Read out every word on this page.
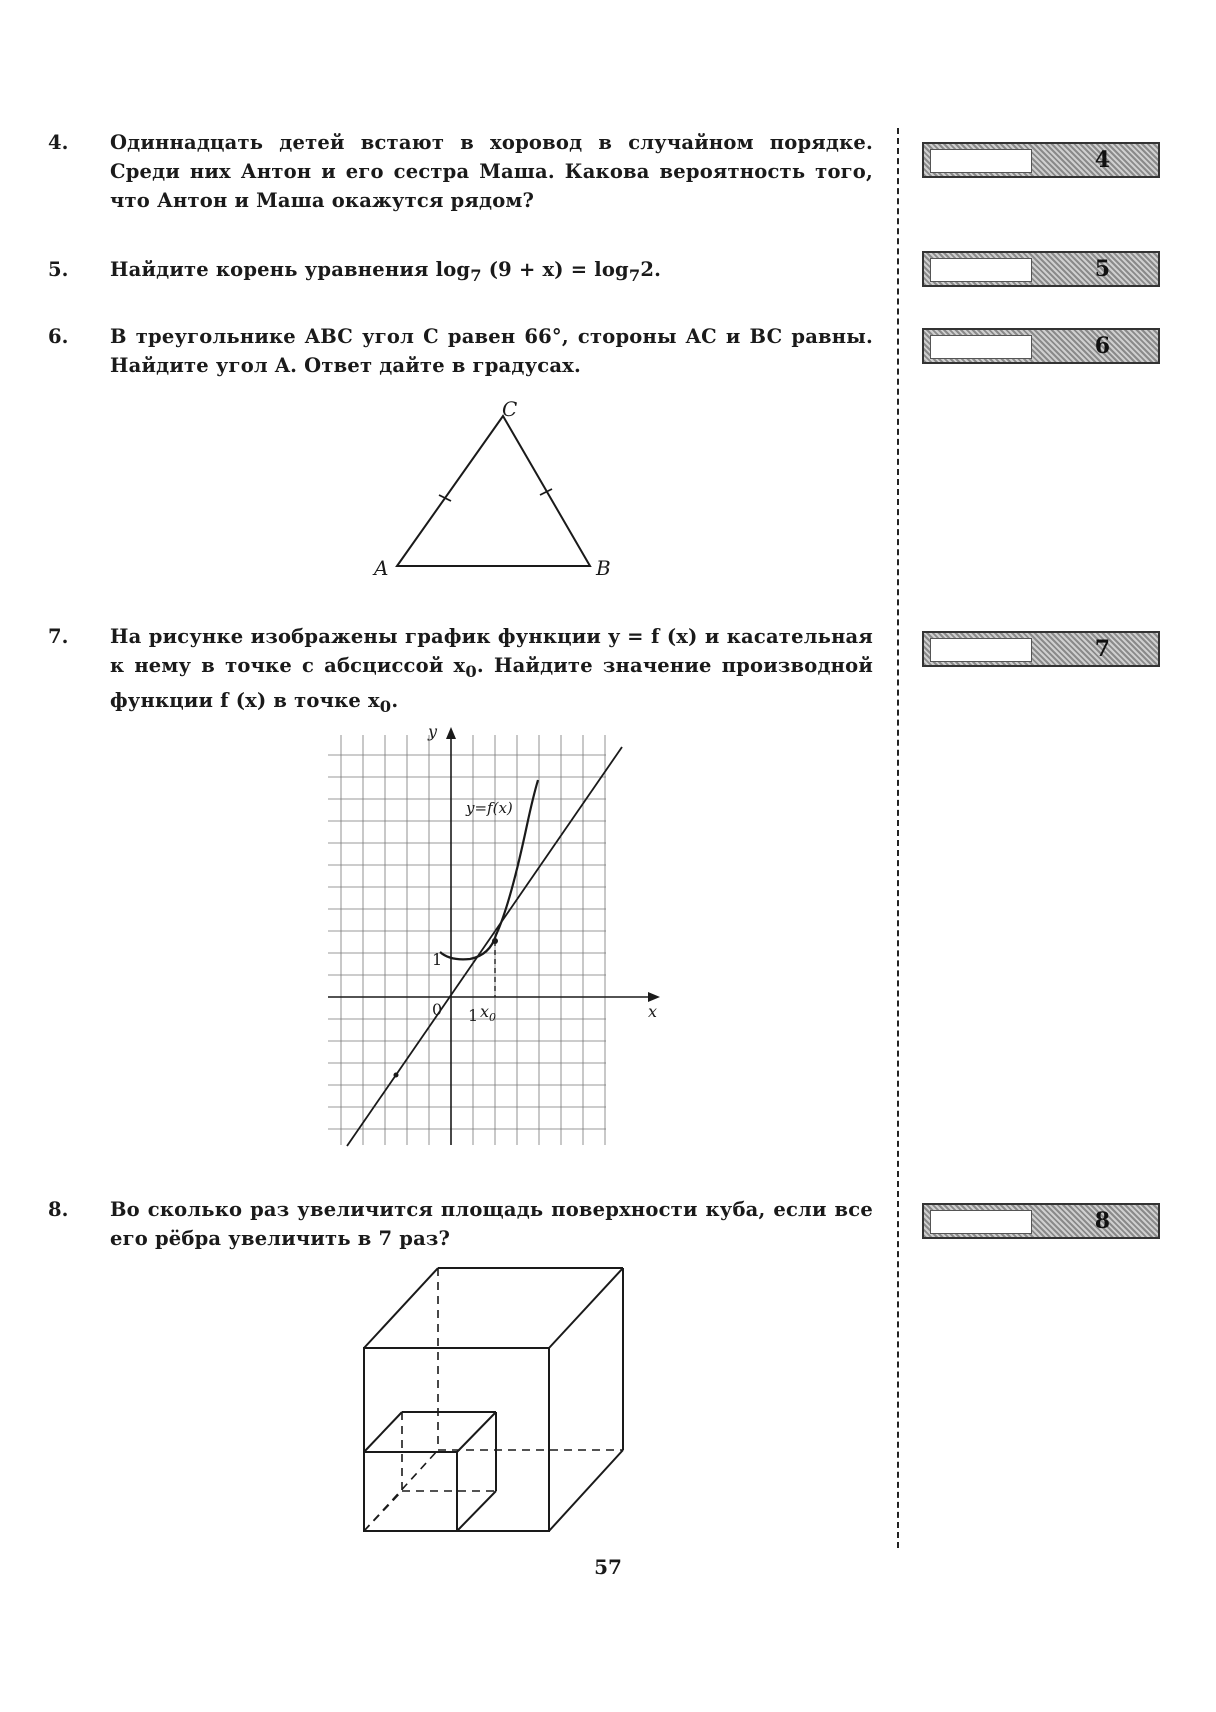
4. Одиннадцать детей встают в хоровод в случайном порядке. Среди них Антон и его сестра Маша. Какова вероятность того, что Антон и Маша окажутся рядом?
5. Найдите корень уравнения $\log_7 (9 + x) = \log_72$.
6. В треугольнике ABC угол C равен 66°, стороны AC и BC равны. Найдите угол A. Ответ дайте в градусах.
A	B
C
7. На рисунке изображены график функции y = f (x) и касательная к нему в точке с абсциссой $x_0$. Найдите значение производной функции f (x) в точке $x_0$.
y
x
0 1
1
$x_0$
y=f(x)
8. Во сколько раз увеличится площадь поверхности куба, если все его рёбра увеличить в 7 раз?
4
5
6
7
8
57
